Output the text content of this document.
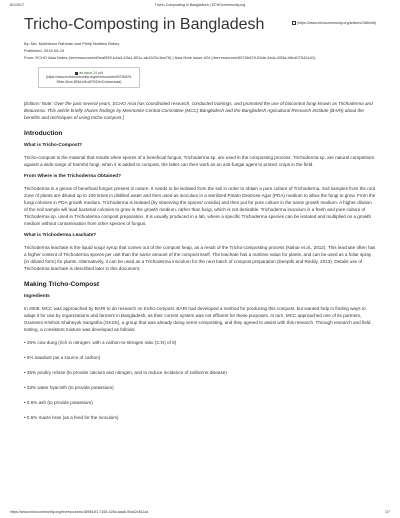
8/1/2017	Tricho-Composting in Bangladesh | ECHOcommunity.org
Tricho-Composting in Bangladesh	(https://www.echocommunity.org/articles/158/edit)
By: Md. Mokhlesur Rahman and Philip Mathew Birkey
Published: 2015-06-15
From: ECHO Asia Notes (/en/resources/d0eaf359-b4a4-43a1-801c-ab1020c1ba76) | Asia Note Issue #24 (/en/resources/6070b929-59de-4b4c-893d-b5cd07542e41)
an-issue-24.pdf
(https://www.echocommunity.org/en/resources/6070b929-59de-4b4c-893d-b5cd07542e41/download)
[Editors' Note: Over the past several years, ECHO Asia has coordinated research, conducted trainings, and promoted the use of biocontrol fungi known as Trichoderma and Beauveria. This article briefly shares findings by Mennonite Central Committee (MCC) Bangladesh and the Bangladesh Agricultural Research Institute (BARI) about the benefits and techniques of using tricho-compost.]
Introduction
What is Tricho-Compost?

Tricho-compost is the material that results when spores of a beneficial fungus, Trichoderma sp. are used in the composting process. Trichoderma sp. are natural competitors against a wide range of harmful fungi; when it is added to compost, the latter can then work as an anti-fungal agent to protect crops in the field.

From Where is the Trichoderma Obtained?

Trichoderma is a genus of beneficial fungus present in nature. It needs to be isolated from the soil in order to obtain a pure culture of Trichoderma. Soil samples from the root zone of plants are diluted up to 106 times in distilled water and then used as inoculum in a sterilized Potato Dextrose Agar (PDA) medium to allow the fungi to grow. From the fungi colonies in PDA growth medium, Trichoderma is isolated (by observing the spores/ conidia) and then put for pure culture in the same growth medium. A higher dilution of the soil sample will lead bacterial colonies to grow in the growth medium, rather than fungi, which is not desirable. Trichoderma inoculum is a fresh and pure culture of Trichoderma sp. used in Trichoderma compost preparation. It is usually produced in a lab, where a specific Trichoderma species can be isolated and multiplied on a growth medium without contamination from other species of fungus.

What is Trichoderma Leachate?

Trichoderma leachate is the liquid soup/ syrup that comes out of the compost heap, as a result of the Tricho-composting process (Nahar et al., 2012). This leachate often has a higher content of Trichoderma spores per unit than the same amount of the compost itself. The leachate has a nutritive value for plants, and can be used as a foliar spray (in diluted form) for plants. Alternatively, it can be used as a Trichoderma inoculum for the next batch of compost preparation (Deepthi and Reddy, 2013). Details use of Trichoderma leachate is described later in this document.

Making Tricho-Compost
Ingredients

In 2008, MCC was approached by BARI to do research on tricho-compost. BARI had developed a method for producing this compost, but wanted help in finding ways to adapt it for use by organizations and farmers in Bangladesh, as their current system was not efficient for these purposes. In turn, MCC approached one of its partners, Grameen Krishok Shaheyok Sangstha (GKSS), a group that was already doing vermi-composting, and they agreed to assist with this research. Through research and field testing, a consistent mixture was developed as follows:

• 25% cow dung (rich in nitrogen, with a carbon-to-nitrogen ratio (C:N) of 8)
• 5% sawdust (as a source of carbon)
• 36% poultry refuse (to provide calcium and nitrogen, and to reduce incidence of soilborne disease)
• 33% water hyacinth (to provide potassium)
• 0.5% ash (to provide potassium)
• 0.5% maize bran (as a feed for the inoculum)
https://www.echocommunity.org/en/resources/1895d1f1-7165-425a-aaa6-90a42c611a1	1/7
